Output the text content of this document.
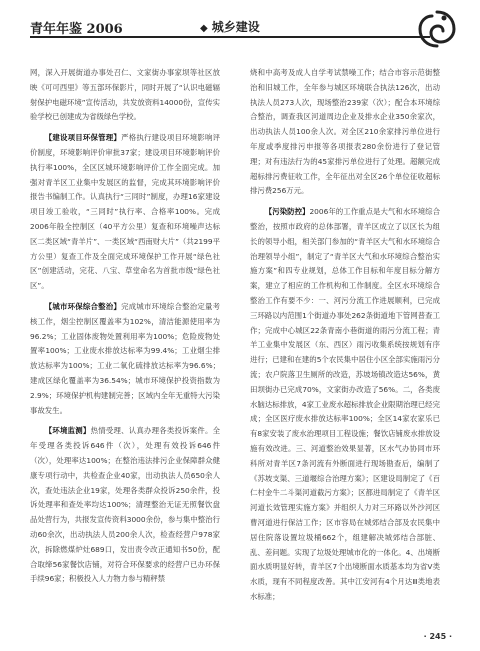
青年年鉴 2006	◆ 城乡建设

网，深入开展街道办事处召仁、文家街办事家坝等社区放映《可可西里》等五部环保影片，同时开展了“认识电磁辐射保护电磁环境”宣传活动，共发放资料14000份，宣传实验学校已创建成为省级绿色学校。

【建设项目环保管理】严格执行建设项目环境影响评价制度，环境影响评价审批37家；建设项目环境影响评价执行率100%，全区区城环境影响评价工作全面完成。加强对青羊区工业集中发展区的监督，完成其环境影响评价报告书编制工作。认真执行“三同时”制度，办理16家建设项目竣工验收，“三同时”执行率、合格率100%。完成2006年般全控制区（40平方公里）复查和环境噪声达标区二类区域“青羊片”、一类区域“西南财大片”（共2199平方公里）复查工作及全面完成环境保护工作开展“绿色社区”创建活动，完花、八宝、草堂命名为首批市级“绿色社区”。

【城市环保综合整治】完成城市环境综合整治定量考核工作，烟尘控制区覆盖率为102%，清洁能源使用率为96.2%；工业固体废物处置利用率为100%；危险废物处置率100%；工业废水排放达标率为99.4%；工业烟尘排放达标率为100%；工业二氧化硫排放达标率为96.6%；建成区绿化覆盖率为36.54%；城市环境保护投资指数为2.9%；环境保护机构建制完善；区域内全年无重特大污染事故发生。

【环境监测】热情受理、认真办理各类投诉案件。全年受理各类投诉646件（次），处理有效投诉646件（次），处理率达100%；在整治违法排污企业保障群众健康专项行动中，共检查企业40家，出动执法人员650余人次，查处违法企业19家，处理各类群众投诉250余件，投诉处理率和查处率均达100%；清理整治无证无照餐饮盘品处营行为，共报发宣传资料3000余份，参与集中整治行动60余次，出动执法人员200余人次，检查经营户978家次，拆除燃煤炉灶689口，发出责令改正通知书50份，配合取缔56家餐饮店铺，对符合环保要求的经营户已办环保手续96家；积极投入人力物力参与精秤禁

烧和中高考及成人自学考试禁噪工作；结合市容示范街整治和旧城工作，全年参与城区环境联合执法126次，出动执法人员273人次，现场整治239家（次）；配合本环境综合整治，调查我区河道周边企业及排水企业350余家次，出动执法人员100余人次。对全区210余家排污单位进行年度或季度排污申报等各项报表280余份进行了登记管理；对有违法行为的45家排污单位进行了处理。超额完成超标排污费征收工作，全年征出对全区26个单位征收超标排污费256万元。

【污染防控】2006年的工作重点是大气和水环境综合整治，按照市政府的总体部署，青羊区成立了以区长为组长的领导小组，相关部门参加的“青羊区大气和水环境综合治理领导小组”，制定了“青羊区大气和水环境综合整治实施方案”和四专业规划，总体工作目标和年度目标分解方案，建立了相应的工作机构和工作制度。全区水环境综合整治工作有要不少：一、河污分流工作进展顺利，已完成三环路以内范围1个街道办事处262条街道地下管网普查工作；完成中心城区22条青南小巷街道的雨污分流工程；青羊工业集中发展区（东、西区）雨污收集系统按规划有序进行；已建和在建的5个农民集中居住小区全部实施雨污分流；农户院落卫生厕所的改造，苏坡场镇改造达56%，黄田坝街办已完成70%，文家街办改造了56%。二，各类废水脑达标排放，4家工业废水超标排放企业限期治理已经完成；全区医疗废水排放达标率100%；全区14家农家乐已有8家安装了废水治理项目工程设施；餐饮店铺废水排放设施有效改进。三、河道整治效果显著，区水气办协同市环科所对青羊区7条河流有外断面进行现场勘查后，编制了《苏坡支渠、三道堰综合治理方案》；区建设局制定了《百仁村金牛二斗渠河道截污方案》；区都进局制定了《青羊区河道长效管理实施方案》并组织人力对三环路以外沙河区曹河道进行保洁工作；区市容局在城郊结合部及农民集中居住院落设置垃圾桶662个，组建解决城郊结合部脏、乱、差问题。实现了垃圾处理城市化的一体化。4、出境断面水质明显好转，青羊区7个出境断面水质基本均为省V类水质，现有不同程度改善。其中江安河有4个月达Ⅲ类地表水标准；

· 245 ·
